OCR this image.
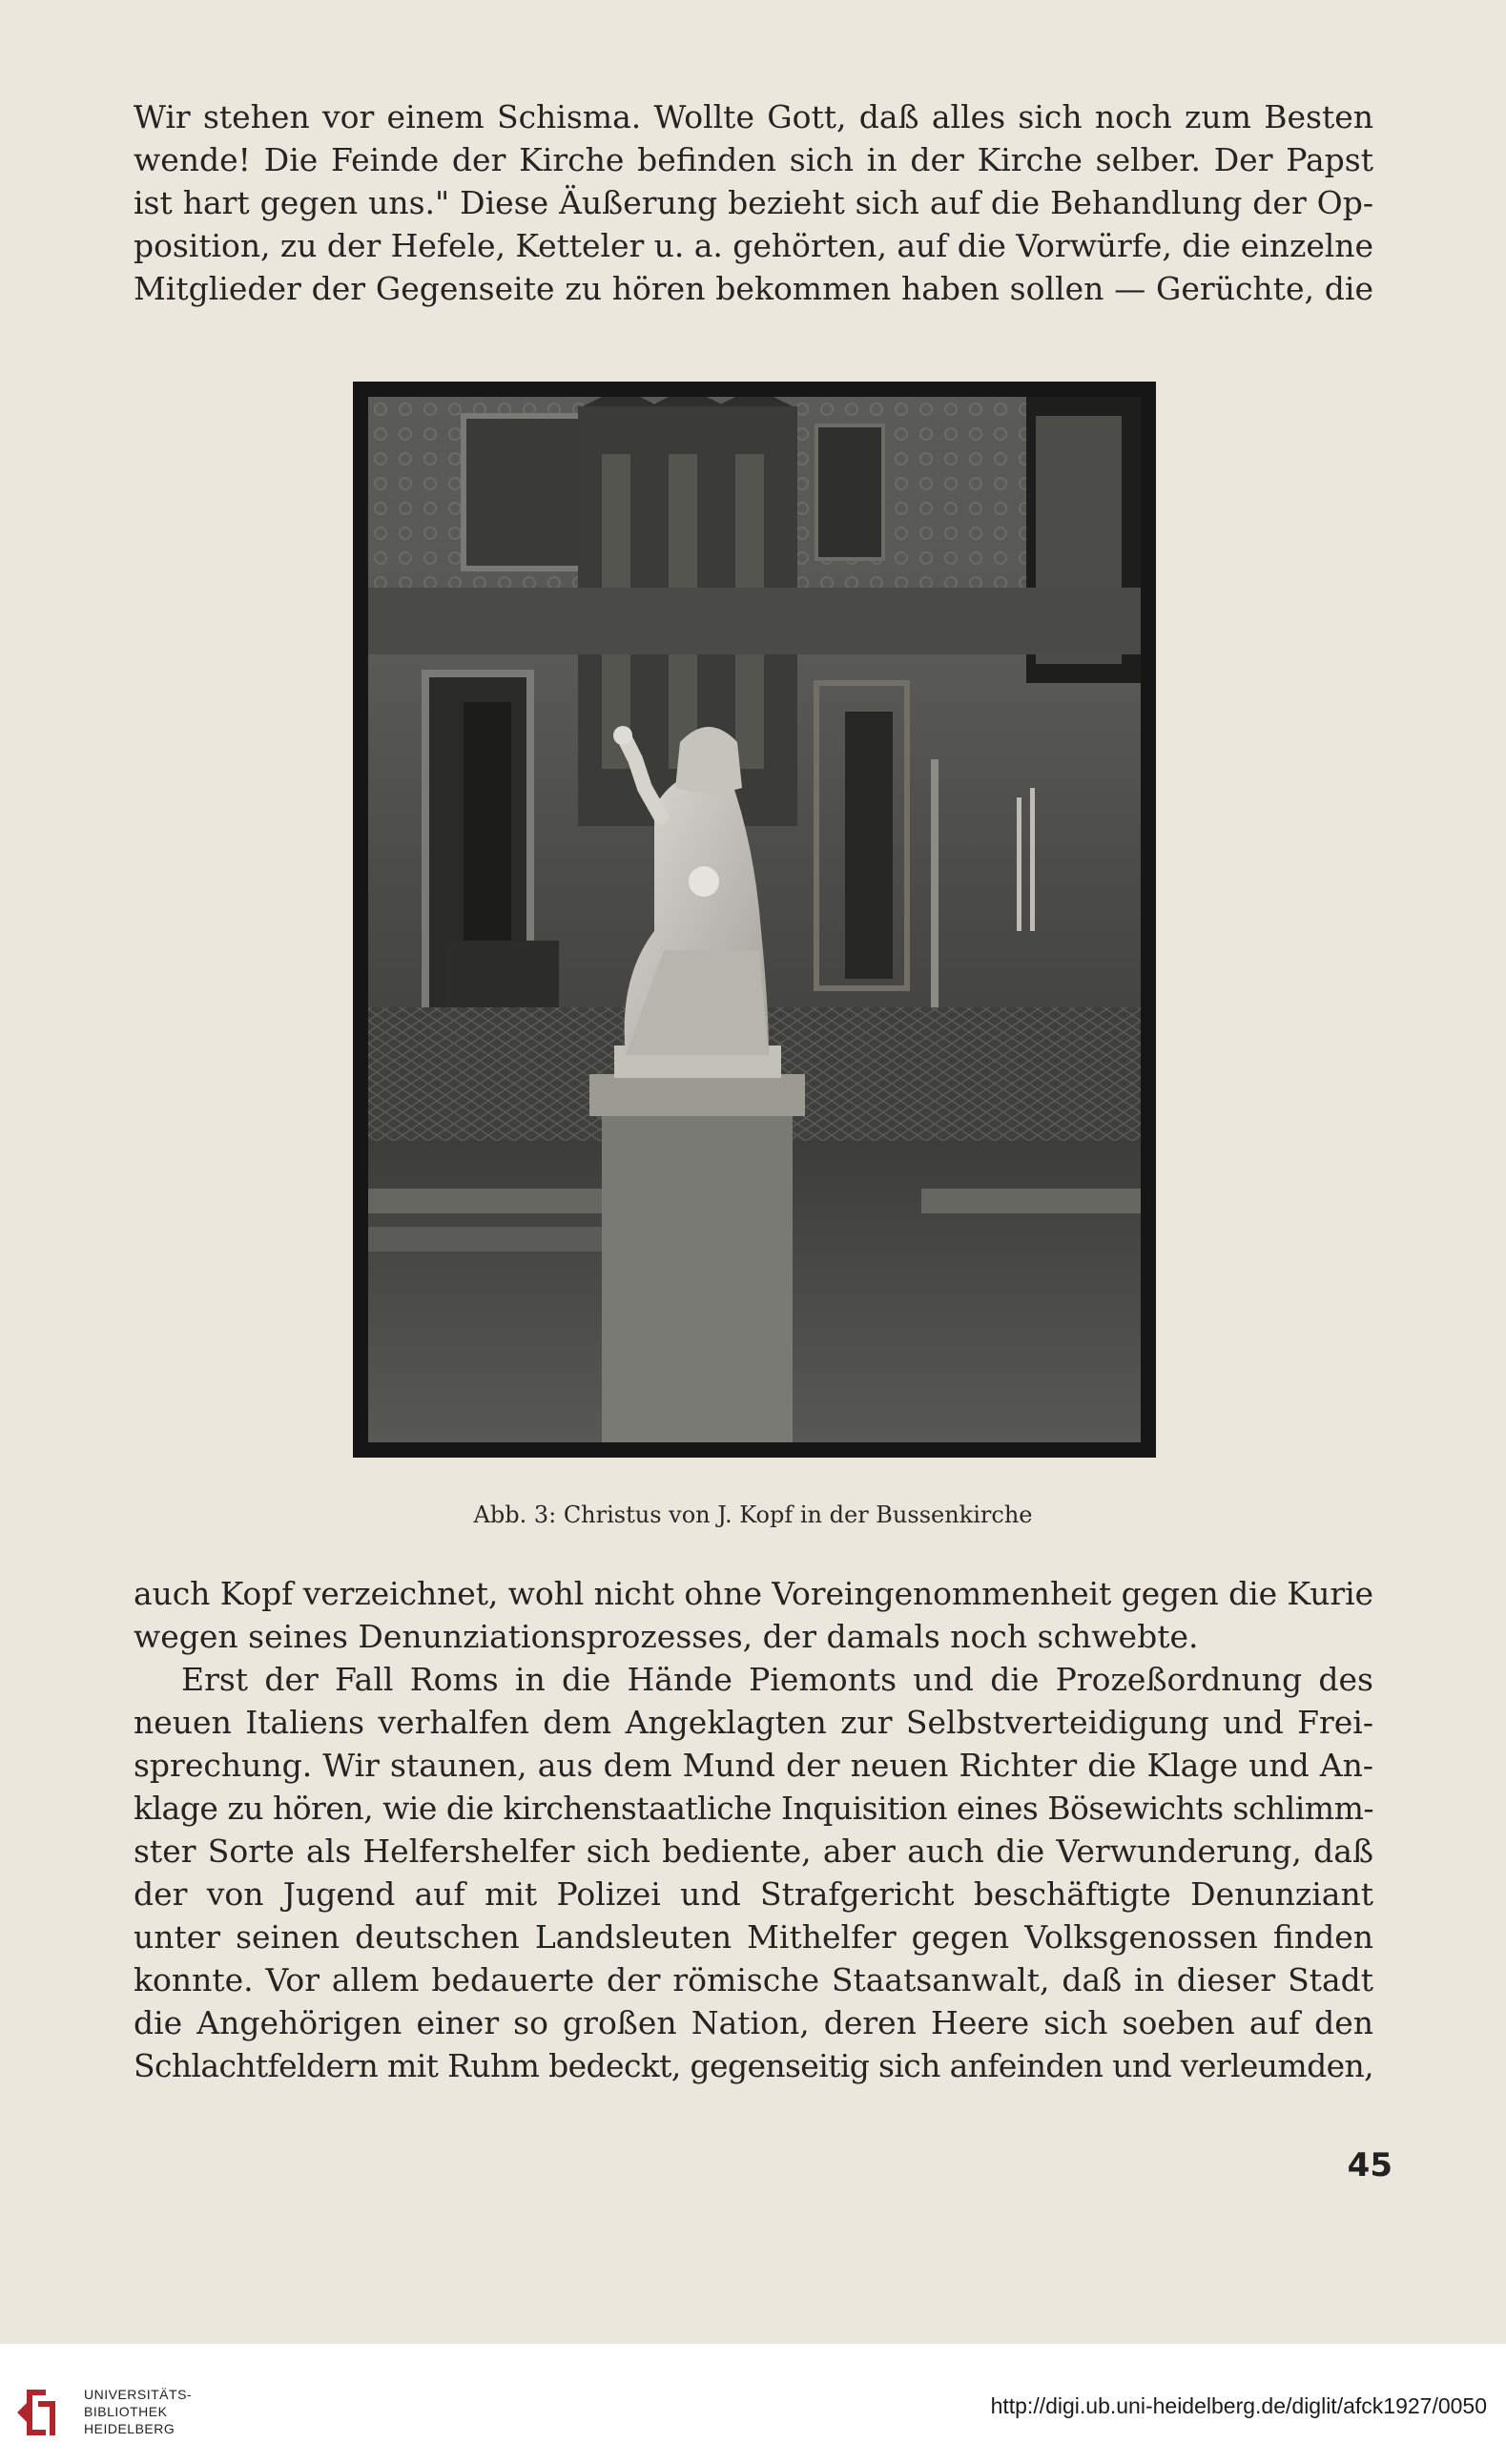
Wir stehen vor einem Schisma. Wollte Gott, daß alles sich noch zum Besten
wende! Die Feinde der Kirche befinden sich in der Kirche selber. Der Papst
ist hart gegen uns." Diese Äußerung bezieht sich auf die Behandlung der Op-
position, zu der Hefele, Ketteler u. a. gehörten, auf die Vorwürfe, die einzelne
Mitglieder der Gegenseite zu hören bekommen haben sollen — Gerüchte, die
Abb. 3: Christus von J. Kopf in der Bussenkirche
auch Kopf verzeichnet, wohl nicht ohne Voreingenommenheit gegen die Kurie
wegen seines Denunziationsprozesses, der damals noch schwebte.
Erst der Fall Roms in die Hände Piemonts und die Prozeßordnung des
neuen Italiens verhalfen dem Angeklagten zur Selbstverteidigung und Frei-
sprechung. Wir staunen, aus dem Mund der neuen Richter die Klage und An-
klage zu hören, wie die kirchenstaatliche Inquisition eines Bösewichts schlimm-
ster Sorte als Helfershelfer sich bediente, aber auch die Verwunderung, daß
der von Jugend auf mit Polizei und Strafgericht beschäftigte Denunziant
unter seinen deutschen Landsleuten Mithelfer gegen Volksgenossen finden
konnte. Vor allem bedauerte der römische Staatsanwalt, daß in dieser Stadt
die Angehörigen einer so großen Nation, deren Heere sich soeben auf den
Schlachtfeldern mit Ruhm bedeckt, gegenseitig sich anfeinden und verleumden,
45
UNIVERSITÄTS-
BIBLIOTHEK
HEIDELBERG
http://digi.ub.uni-heidelberg.de/diglit/afck1927/0050
